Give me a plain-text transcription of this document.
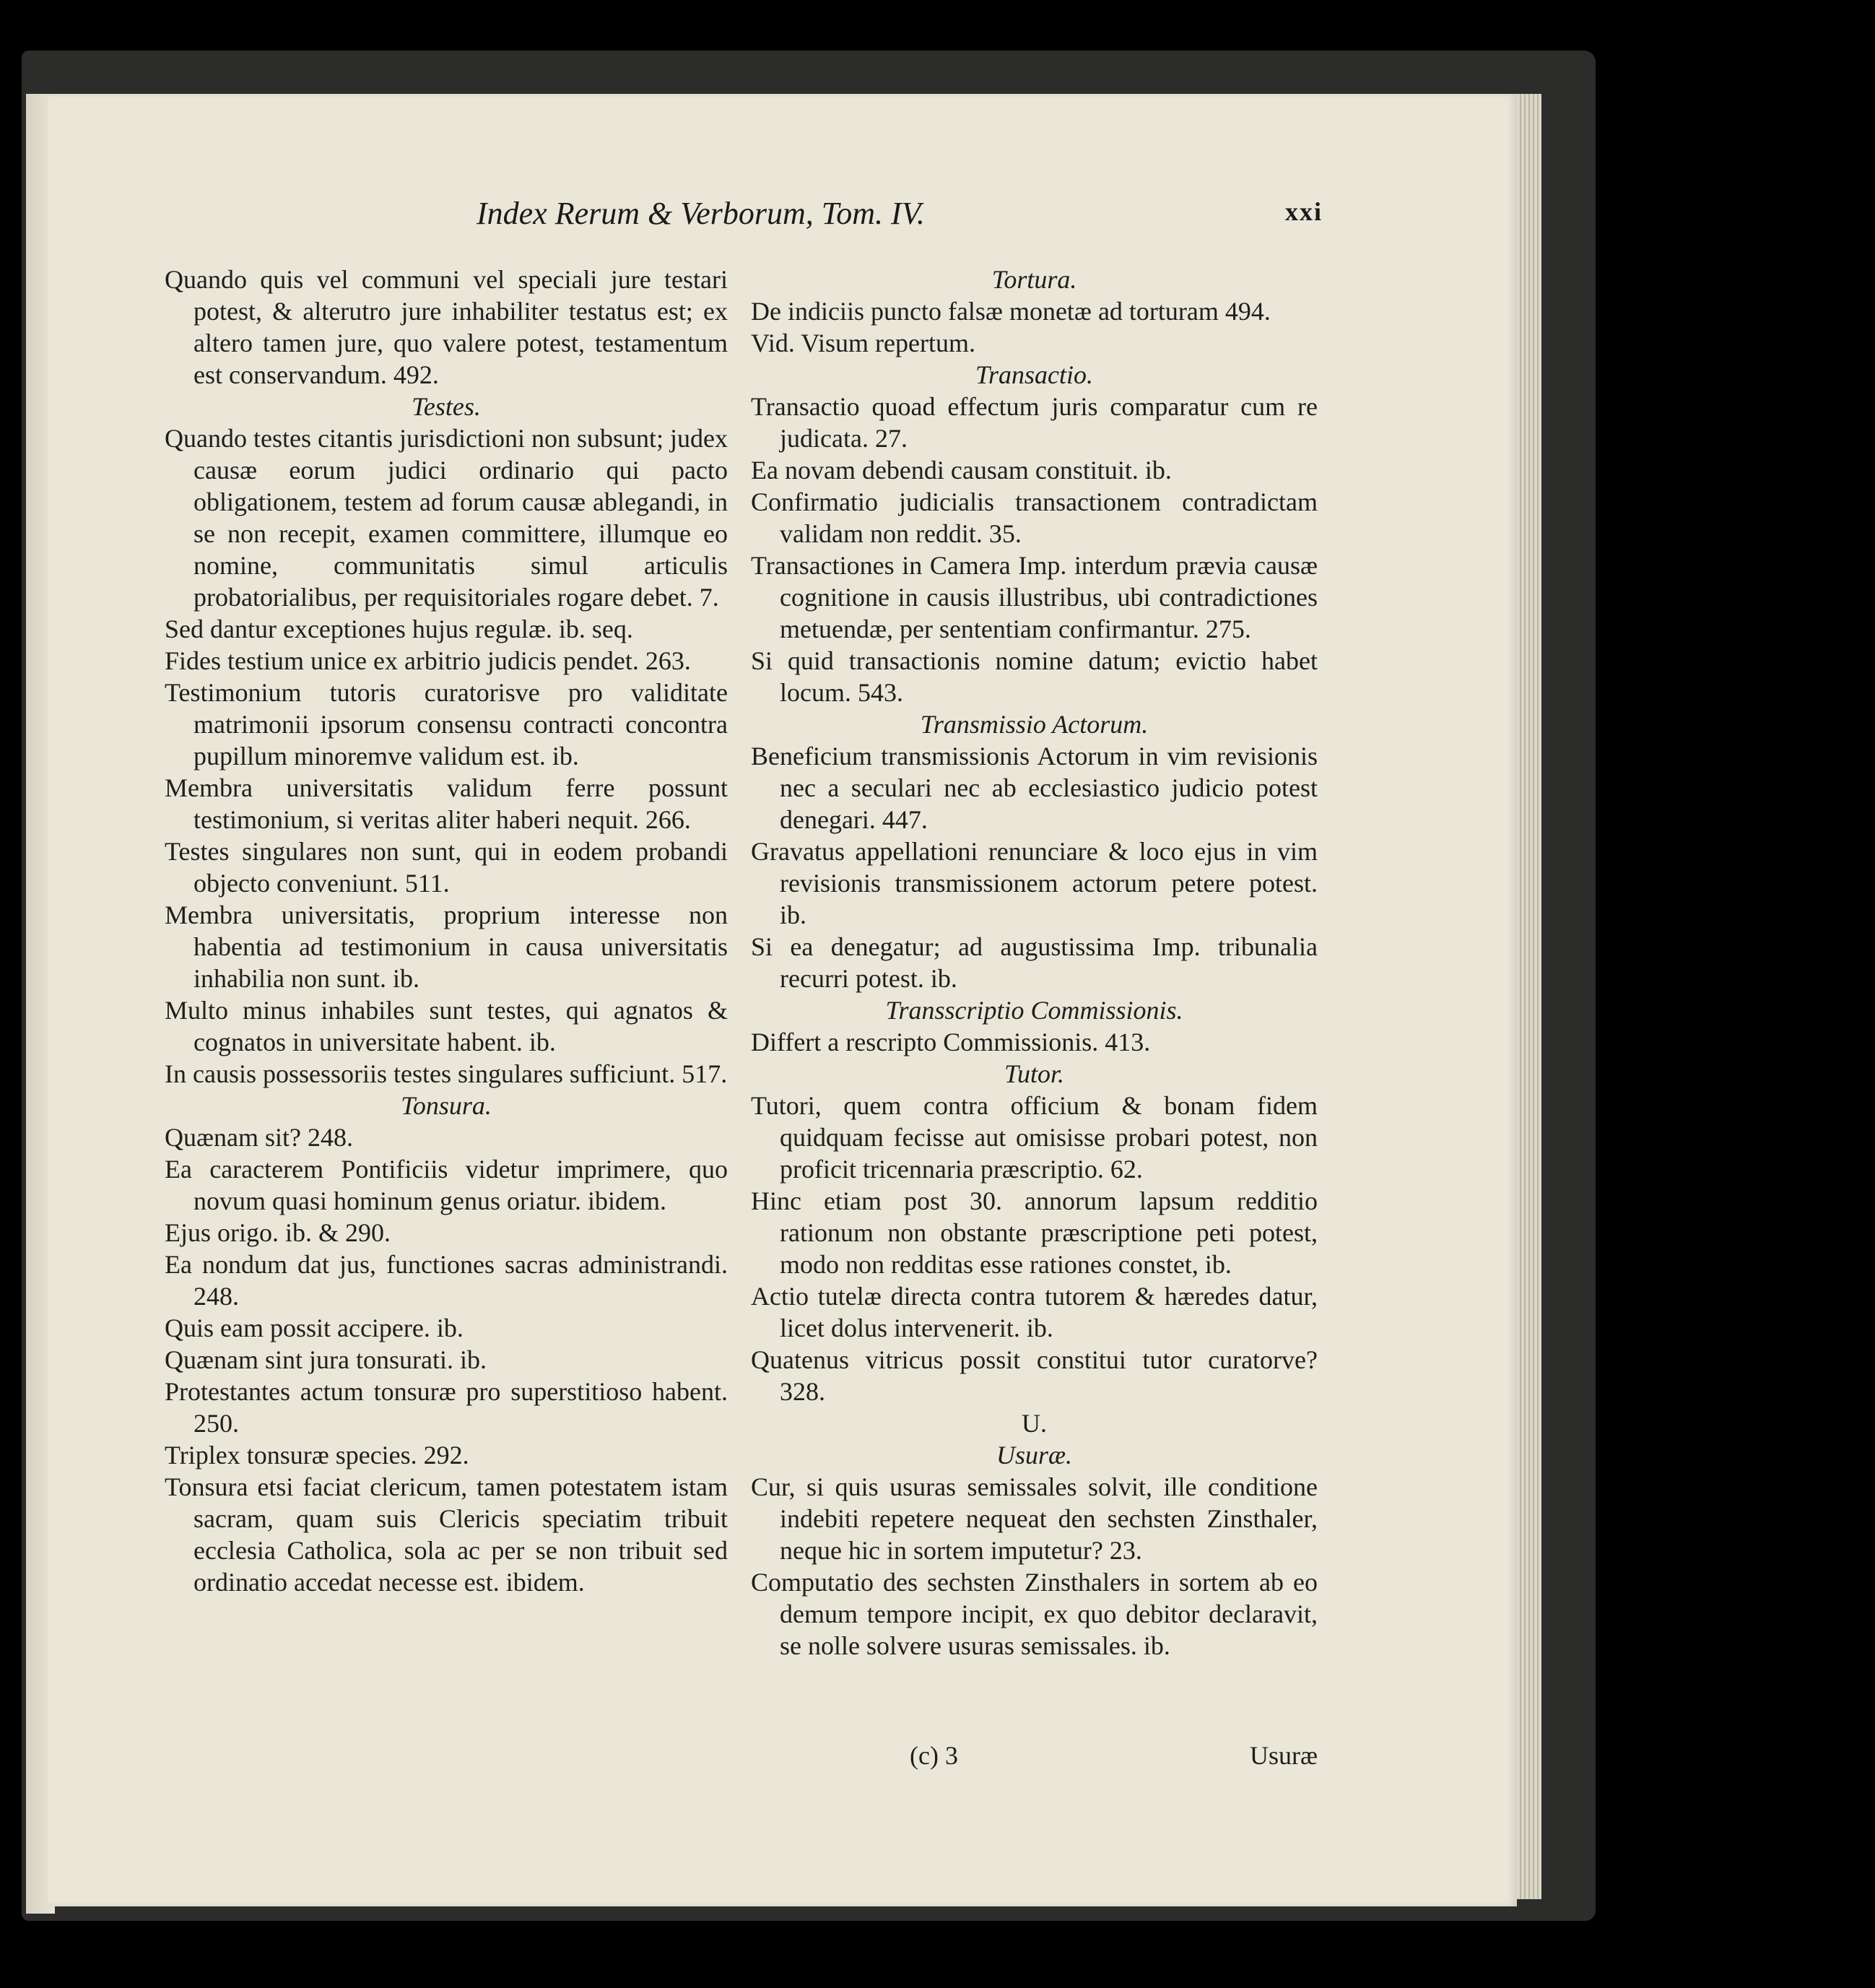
Index Rerum & Verborum, Tom. IV.	xxi

Quando quis vel communi vel speciali jure testari potest, & alterutro jure inhabiliter testatus est; ex altero tamen jure, quo valere potest, testamentum est conservandum. 492.

Testes.

Quando testes citantis jurisdictioni non subsunt; judex causæ eorum judici ordinario qui pacto obligationem, testem ad forum causæ ablegandi, in se non recepit, examen committere, illumque eo nomine, communitatis simul articulis probatorialibus, per requisitoriales rogare debet. 7.

Sed dantur exceptiones hujus regulæ. ib. seq.

Fides testium unice ex arbitrio judicis pendet. 263.

Testimonium tutoris curatorisve pro validitate matrimonii ipsorum consensu contracti concontra pupillum minoremve validum est. ib.

Membra universitatis validum ferre possunt testimonium, si veritas aliter haberi nequit. 266.

Testes singulares non sunt, qui in eodem probandi objecto conveniunt. 511.

Membra universitatis, proprium interesse non habentia ad testimonium in causa universitatis inhabilia non sunt. ib.

Multo minus inhabiles sunt testes, qui agnatos & cognatos in universitate habent. ib.

In causis possessoriis testes singulares sufficiunt. 517.

Tonsura.

Quænam sit? 248.

Ea caracterem Pontificiis videtur imprimere, quo novum quasi hominum genus oriatur. ibidem.

Ejus origo. ib. & 290.

Ea nondum dat jus, functiones sacras administrandi. 248.

Quis eam possit accipere. ib.

Quænam sint jura tonsurati. ib.

Protestantes actum tonsuræ pro superstitioso habent. 250.

Triplex tonsuræ species. 292.

Tonsura etsi faciat clericum, tamen potestatem istam sacram, quam suis Clericis speciatim tribuit ecclesia Catholica, sola ac per se non tribuit sed ordinatio accedat necesse est. ibidem.

Tortura.

De indiciis puncto falsæ monetæ ad torturam 494.

Vid. Visum repertum.

Transactio.

Transactio quoad effectum juris comparatur cum re judicata. 27.

Ea novam debendi causam constituit. ib.

Confirmatio judicialis transactionem contradictam validam non reddit. 35.

Transactiones in Camera Imp. interdum prævia causæ cognitione in causis illustribus, ubi contradictiones metuendæ, per sententiam confirmantur. 275.

Si quid transactionis nomine datum; evictio habet locum. 543.

Transmissio Actorum.

Beneficium transmissionis Actorum in vim revisionis nec a seculari nec ab ecclesiastico judicio potest denegari. 447.

Gravatus appellationi renunciare & loco ejus in vim revisionis transmissionem actorum petere potest. ib.

Si ea denegatur; ad augustissima Imp. tribunalia recurri potest. ib.

Transscriptio Commissionis.

Differt a rescripto Commissionis. 413.

Tutor.

Tutori, quem contra officium & bonam fidem quidquam fecisse aut omisisse probari potest, non proficit tricennaria præscriptio. 62.

Hinc etiam post 30. annorum lapsum redditio rationum non obstante præscriptione peti potest, modo non redditas esse rationes constet, ib.

Actio tutelæ directa contra tutorem & hæredes datur, licet dolus intervenerit. ib.

Quatenus vitricus possit constitui tutor curatorve? 328.

U.

Usuræ.

Cur, si quis usuras semissales solvit, ille conditione indebiti repetere nequeat den sechsten Zinsthaler, neque hic in sortem imputetur? 23.

Computatio des sechsten Zinsthalers in sortem ab eo demum tempore incipit, ex quo debitor declaravit, se nolle solvere usuras semissales. ib.

(c) 3	Usuræ
